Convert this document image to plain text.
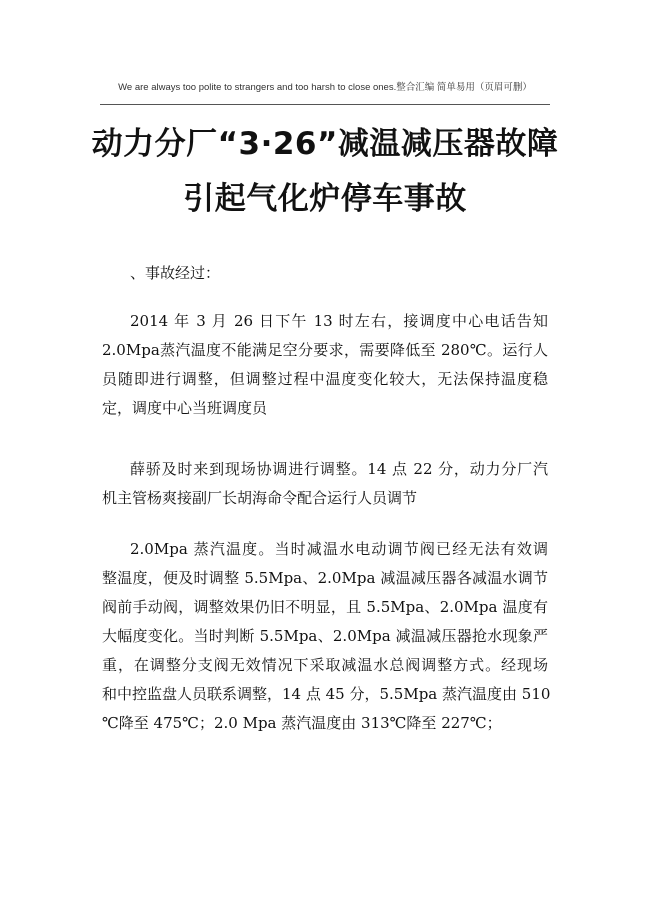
We are always too polite to strangers and too harsh to close ones.整合汇编 简单易用（页眉可删）
动力分厂“3·26”减温减压器故障
引起气化炉停车事故
、事故经过：
2014 年 3 月 26 日下午 13 时左右，接调度中心电话告知
2.0Mpa蒸汽温度不能满足空分要求，需要降低至 280℃。运行人
员随即进行调整，但调整过程中温度变化较大，无法保持温度稳
定，调度中心当班调度员
薛骄及时来到现场协调进行调整。14 点 22 分，动力分厂汽
机主管杨爽接副厂长胡海命令配合运行人员调节
2.0Mpa 蒸汽温度。当时减温水电动调节阀已经无法有效调
整温度，便及时调整 5.5Mpa、2.0Mpa 减温减压器各减温水调节
阀前手动阀，调整效果仍旧不明显，且 5.5Mpa、2.0Mpa 温度有
大幅度变化。当时判断 5.5Mpa、2.0Mpa 减温减压器抢水现象严
重，在调整分支阀无效情况下采取减温水总阀调整方式。经现场
和中控监盘人员联系调整，14 点 45 分，5.5Mpa 蒸汽温度由 510
℃降至 475℃；2.0 Mpa 蒸汽温度由 313℃降至 227℃；
